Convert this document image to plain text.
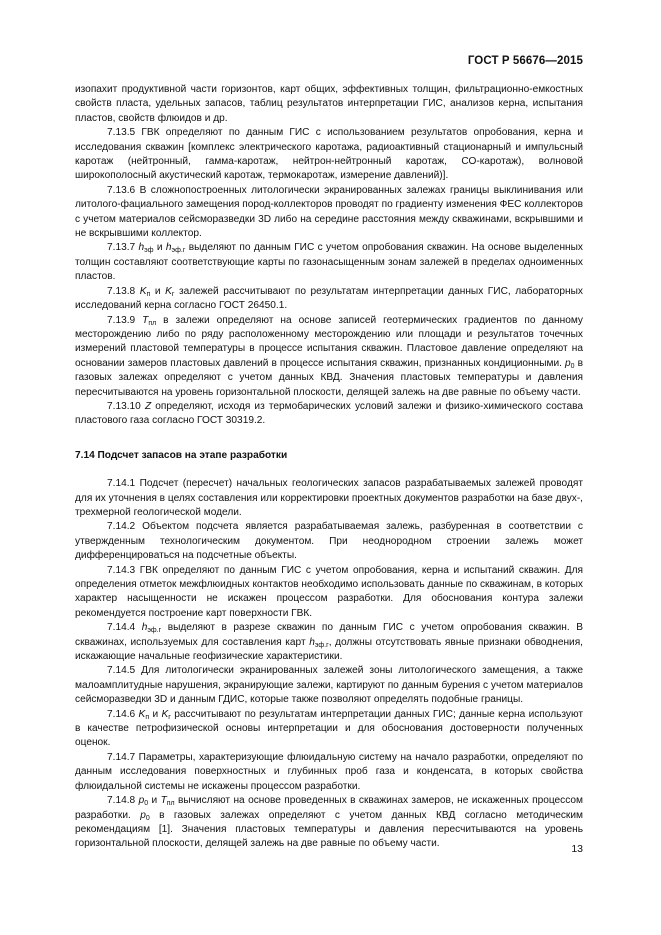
ГОСТ Р 56676—2015

изопахит продуктивной части горизонтов, карт общих, эффективных толщин, фильтрационно-емкостных свойств пласта, удельных запасов, таблиц результатов интерпретации ГИС, анализов керна, испытания пластов, свойств флюидов и др.

7.13.5 ГВК определяют по данным ГИС с использованием результатов опробования, керна и исследования скважин [комплекс электрического каротажа, радиоактивный стационарный и импульсный каротаж (нейтронный, гамма-каротаж, нейтрон-нейтронный каротаж, СО-каротаж), волновой широкополосный акустический каротаж, термокаротаж, измерение давлений)].

7.13.6 В сложнопостроенных литологически экранированных залежах границы выклинивания или литолого-фациального замещения пород-коллекторов проводят по градиенту изменения ФЕС коллекторов с учетом материалов сейсморазведки 3D либо на середине расстояния между скважинами, вскрывшими и не вскрывшими коллектор.

7.13.7 $h_{эф}$ и $h_{эф.г}$ выделяют по данным ГИС с учетом опробования скважин. На основе выделенных толщин составляют соответствующие карты по газонасыщенным зонам залежей в пределах одноименных пластов.

7.13.8 $K_п$ и $K_г$ залежей рассчитывают по результатам интерпретации данных ГИС, лабораторных исследований керна согласно ГОСТ 26450.1.

7.13.9 $T_{пл}$ в залежи определяют на основе записей геотермических градиентов по данному месторождению либо по ряду расположенному месторождению или площади и результатов точечных измерений пластовой температуры в процессе испытания скважин. Пластовое давление определяют на основании замеров пластовых давлений в процессе испытания скважин, признанных кондиционными. $p_0$ в газовых залежах определяют с учетом данных КВД. Значения пластовых температуры и давления пересчитываются на уровень горизонтальной плоскости, делящей залежь на две равные по объему части.

7.13.10 Z определяют, исходя из термобарических условий залежи и физико-химического состава пластового газа согласно ГОСТ 30319.2.

7.14 Подсчет запасов на этапе разработки

7.14.1 Подсчет (пересчет) начальных геологических запасов разрабатываемых залежей проводят для их уточнения в целях составления или корректировки проектных документов разработки на базе двух-, трехмерной геологической модели.

7.14.2 Объектом подсчета является разрабатываемая залежь, разбуренная в соответствии с утвержденным технологическим документом. При неоднородном строении залежь может дифференцироваться на подсчетные объекты.

7.14.3 ГВК определяют по данным ГИС с учетом опробования, керна и испытаний скважин. Для определения отметок межфлюидных контактов необходимо использовать данные по скважинам, в которых характер насыщенности не искажен процессом разработки. Для обоснования контура залежи рекомендуется построение карт поверхности ГВК.

7.14.4 $h_{эф.г}$ выделяют в разрезе скважин по данным ГИС с учетом опробования скважин. В скважинах, используемых для составления карт $h_{эф.г}$, должны отсутствовать явные признаки обводнения, искажающие начальные геофизические характеристики.

7.14.5 Для литологически экранированных залежей зоны литологического замещения, а также малоамплитудные нарушения, экранирующие залежи, картируют по данным бурения с учетом материалов сейсморазведки 3D и данным ГДИС, которые также позволяют определять подобные границы.

7.14.6 $K_п$ и $K_г$ рассчитывают по результатам интерпретации данных ГИС; данные керна используют в качестве петрофизической основы интерпретации и для обоснования достоверности полученных оценок.

7.14.7 Параметры, характеризующие флюидальную систему на начало разработки, определяют по данным исследования поверхностных и глубинных проб газа и конденсата, в которых свойства флюидальной системы не искажены процессом разработки.

7.14.8 $p_0$ и $T_{пл}$ вычисляют на основе проведенных в скважинах замеров, не искаженных процессом разработки. $p_0$ в газовых залежах определяют с учетом данных КВД согласно методическим рекомендациям [1]. Значения пластовых температуры и давления пересчитываются на уровень горизонтальной плоскости, делящей залежь на две равные по объему части.	13
